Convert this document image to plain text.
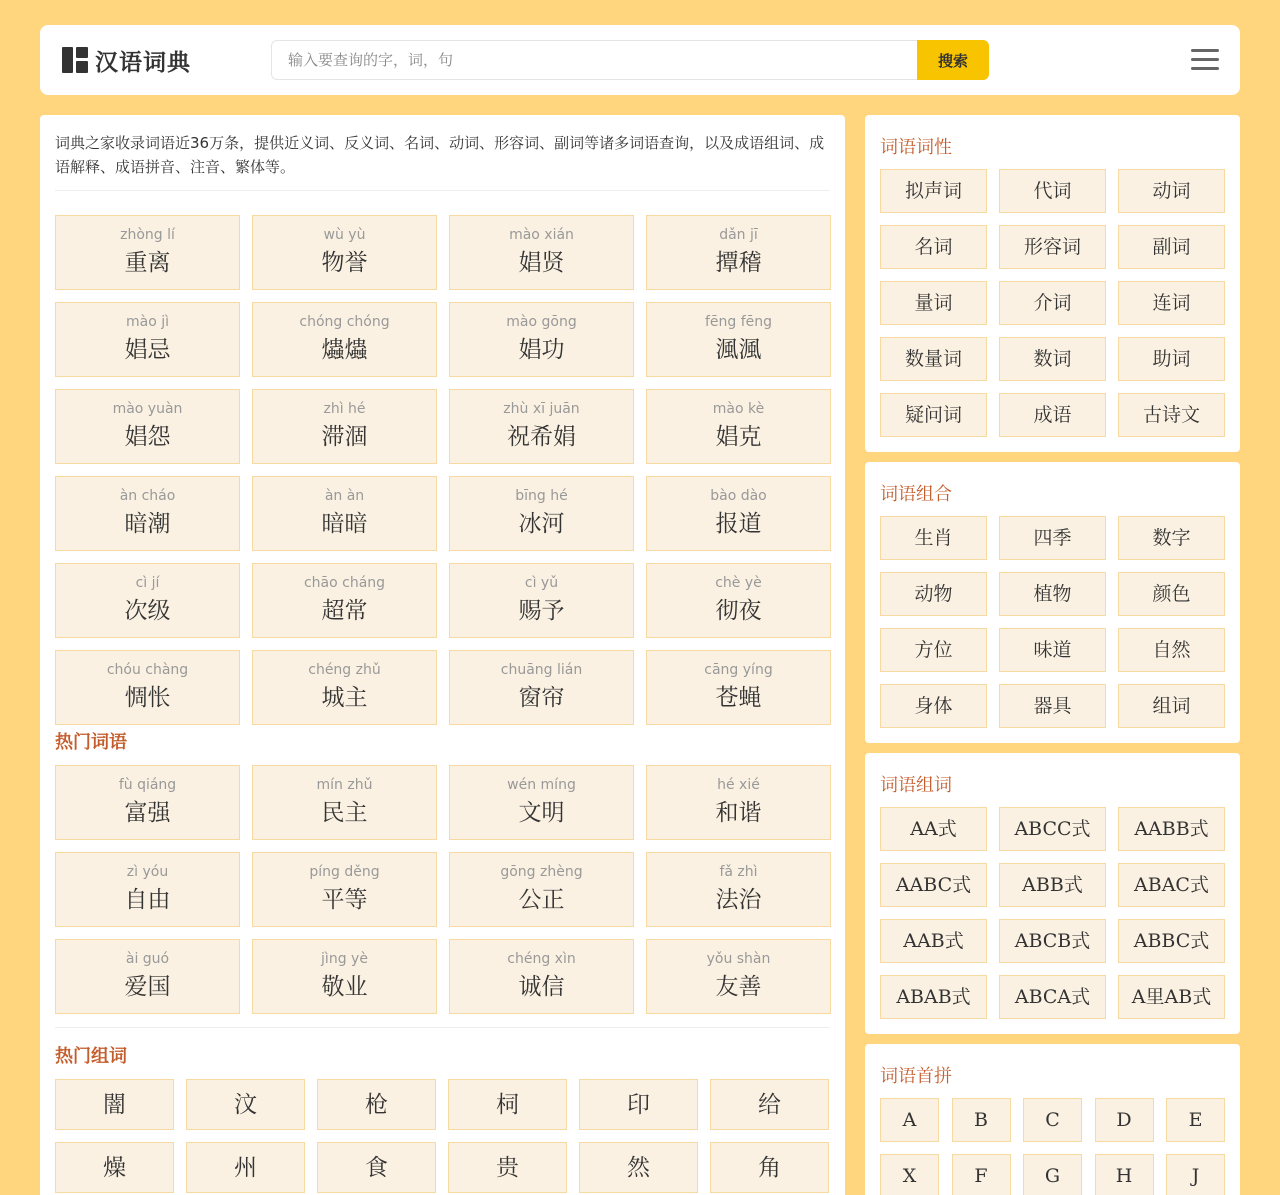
汉语词典
输入要查询的字，词，句	搜索
词典之家收录词语近36万条，提供近义词、反义词、名词、动词、形容词、副词等诸多词语查询，以及成语组词、成语解释、成语拼音、注音、繁体等。
zhòng lí
重离
wù yù
物誉
mào xián
娼贤
dǎn jī
撢稽
mào jì
娼忌
chóng chóng
爞爞
mào gōng
娼功
fēng fēng
渢渢
mào yuàn
娼怨
zhì hé
滞涸
zhù xī juān
祝希娟
mào kè
娼克
àn cháo
暗潮
àn àn
暗暗
bīng hé
冰河
bào dào
报道
cì jí
次级
chāo cháng
超常
cì yǔ
赐予
chè yè
彻夜
chóu chàng
惆怅
chéng zhǔ
城主
chuāng lián
窗帘
cāng yíng
苍蝇
热门词语
fù qiáng
富强
mín zhǔ
民主
wén míng
文明
hé xié
和谐
zì yóu
自由
píng děng
平等
gōng zhèng
公正
fǎ zhì
法治
ài guó
爱国
jìng yè
敬业
chéng xìn
诚信
yǒu shàn
友善
热门组词
闇	汶	枪	柌	印	给
燥	州	食	贵	然	角
词语词性
拟声词	代词	动词
名词	形容词	副词
量词	介词	连词
数量词	数词	助词
疑问词	成语	古诗文
词语组合
生肖	四季	数字
动物	植物	颜色
方位	味道	自然
身体	器具	组词
词语组词
AA式	ABCC式	AABB式
AABC式	ABB式	ABAC式
AAB式	ABCB式	ABBC式
ABAB式	ABCA式	A里AB式
词语首拼
A	B	C	D	E
X	F	G	H	J
